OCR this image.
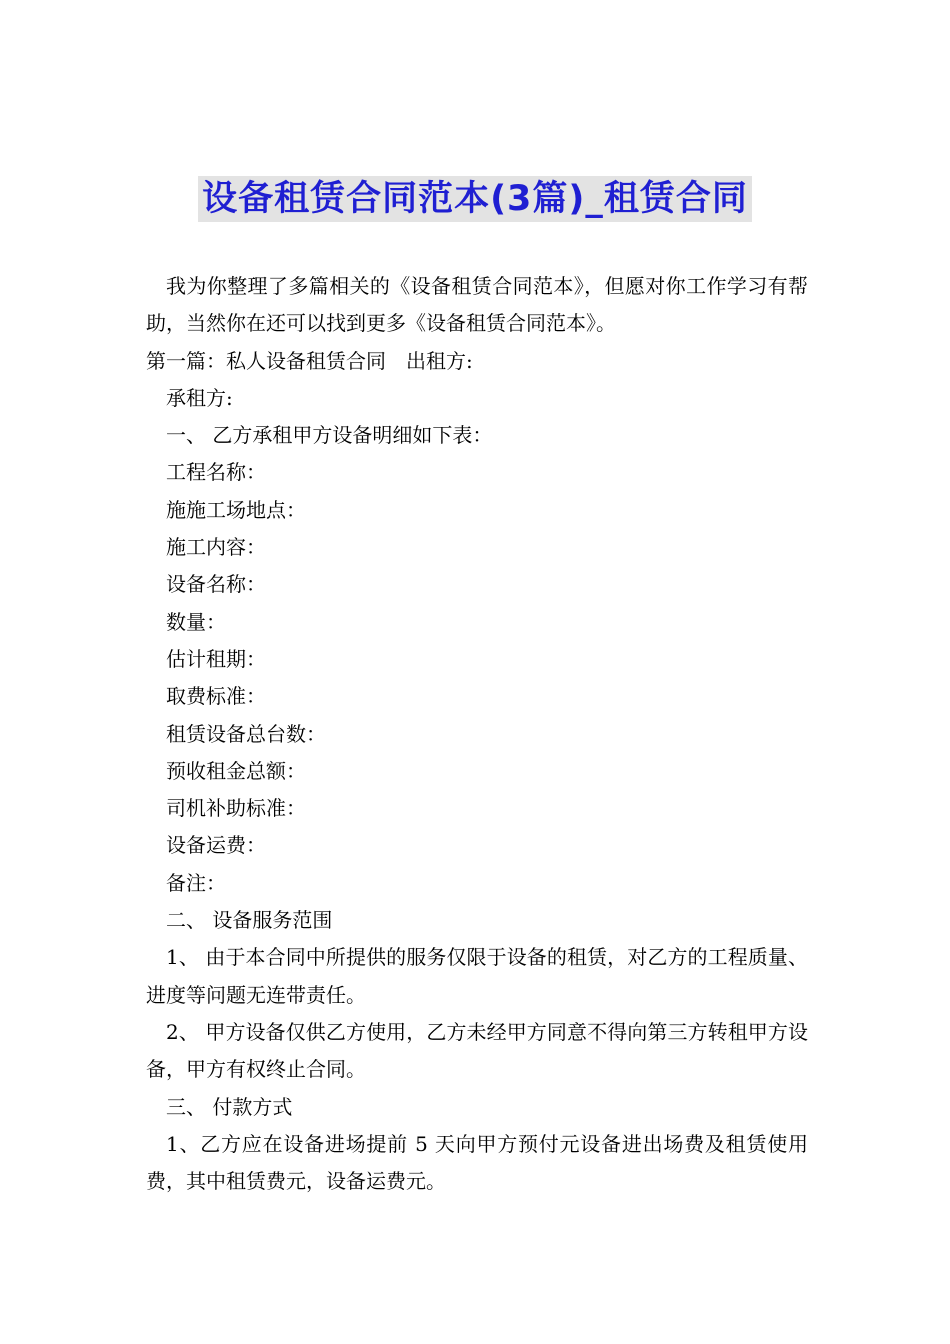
设备租赁合同范本(3篇)_租赁合同

我为你整理了多篇相关的《设备租赁合同范本》，但愿对你工作学习有帮助，当然你在还可以找到更多《设备租赁合同范本》。

第一篇：私人设备租赁合同 出租方:

承租方:

一、 乙方承租甲方设备明细如下表：

工程名称：

施施工场地点：

施工内容：

设备名称：

数量：

估计租期：

取费标准：

租赁设备总台数：

预收租金总额：

司机补助标准：

设备运费：

备注：

二、 设备服务范围

1、 由于本合同中所提供的服务仅限于设备的租赁，对乙方的工程质量、进度等问题无连带责任。

2、 甲方设备仅供乙方使用，乙方未经甲方同意不得向第三方转租甲方设备，甲方有权终止合同。

三、 付款方式

1、乙方应在设备进场提前 5 天向甲方预付元设备进出场费及租赁使用费，其中租赁费元，设备运费元。
